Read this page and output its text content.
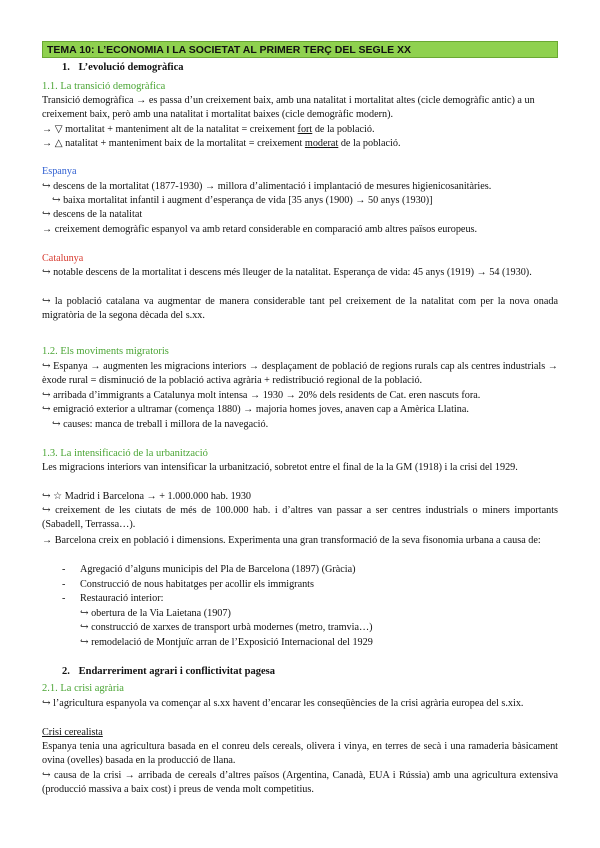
TEMA 10: L’ECONOMIA I LA SOCIETAT AL PRIMER TERÇ DEL SEGLE XX
1. L’evolució demogràfica
1.1. La transició demogràfica
Transició demogràfica → es passa d’un creixement baix, amb una natalitat i mortalitat altes (cicle demogràfic antic) a un creixement baix, però amb una natalitat i mortalitat baixes (cicle demogràfic modern).
→ ▽ mortalitat + manteniment alt de la natalitat = creixement fort de la població.
→ △ natalitat + manteniment baix de la mortalitat = creixement moderat de la població.
Espanya
↪ descens de la mortalitat (1877-1930) → millora d’alimentació i implantació de mesures higienicosanitàries.
↪ baixa mortalitat infantil i augment d’esperança de vida [35 anys (1900) → 50 anys (1930)]
↪ descens de la natalitat
→ creixement demogràfic espanyol va amb retard considerable en comparació amb altres països europeus.
Catalunya
↪ notable descens de la mortalitat i descens més lleuger de la natalitat. Esperança de vida: 45 anys (1919) → 54 (1930).
↪ la població catalana va augmentar de manera considerable tant pel creixement de la natalitat com per la nova onada migratòria de la segona dècada del s.xx.
1.2. Els moviments migratoris
↪ Espanya → augmenten les migracions interiors → desplaçament de població de regions rurals cap als centres industrials → èxode rural = disminució de la població activa agrària + redistribució regional de la població.
↪ arribada d’immigrants a Catalunya molt intensa → 1930 → 20% dels residents de Cat. eren nascuts fora.
↪ emigració exterior a ultramar (comença 1880) → majoria homes joves, anaven cap a Amèrica Llatina.
↪ causes: manca de treball i millora de la navegació.
1.3. La intensificació de la urbanització
Les migracions interiors van intensificar la urbanització, sobretot entre el final de la la GM (1918) i la crisi del 1929.
↪ ☆ Madrid i Barcelona → + 1.000.000 hab. 1930
↪ creixement de les ciutats de més de 100.000 hab. i d’altres van passar a ser centres industrials o miners importants (Sabadell, Terrassa…).
→ Barcelona creix en població i dimensions. Experimenta una gran transformació de la seva fisonomia urbana a causa de:
-	Agregació d’alguns municipis del Pla de Barcelona (1897) (Gràcia)
-	Construcció de nous habitatges per acollir els immigrants
-	Restauració interior:
↪ obertura de la Via Laietana (1907)
↪ construcció de xarxes de transport urbà modernes (metro, tramvia…)
↪ remodelació de Montjuïc arran de l’Exposició Internacional del 1929
2. Endarreriment agrari i conflictivitat pagesa
2.1. La crisi agrària
↪ l’agricultura espanyola va començar al s.xx havent d’encarar les conseqüències de la crisi agrària europea del s.xix.
Crisi cerealista
Espanya tenia una agricultura basada en el conreu dels cereals, olivera i vinya, en terres de secà i una ramaderia bàsicament ovina (ovelles) basada en la producció de llana.
↪ causa de la crisi → arribada de cereals d’altres països (Argentina, Canadà, EUA i Rússia) amb una agricultura extensiva (producció massiva a baix cost) i preus de venda molt competitius.
